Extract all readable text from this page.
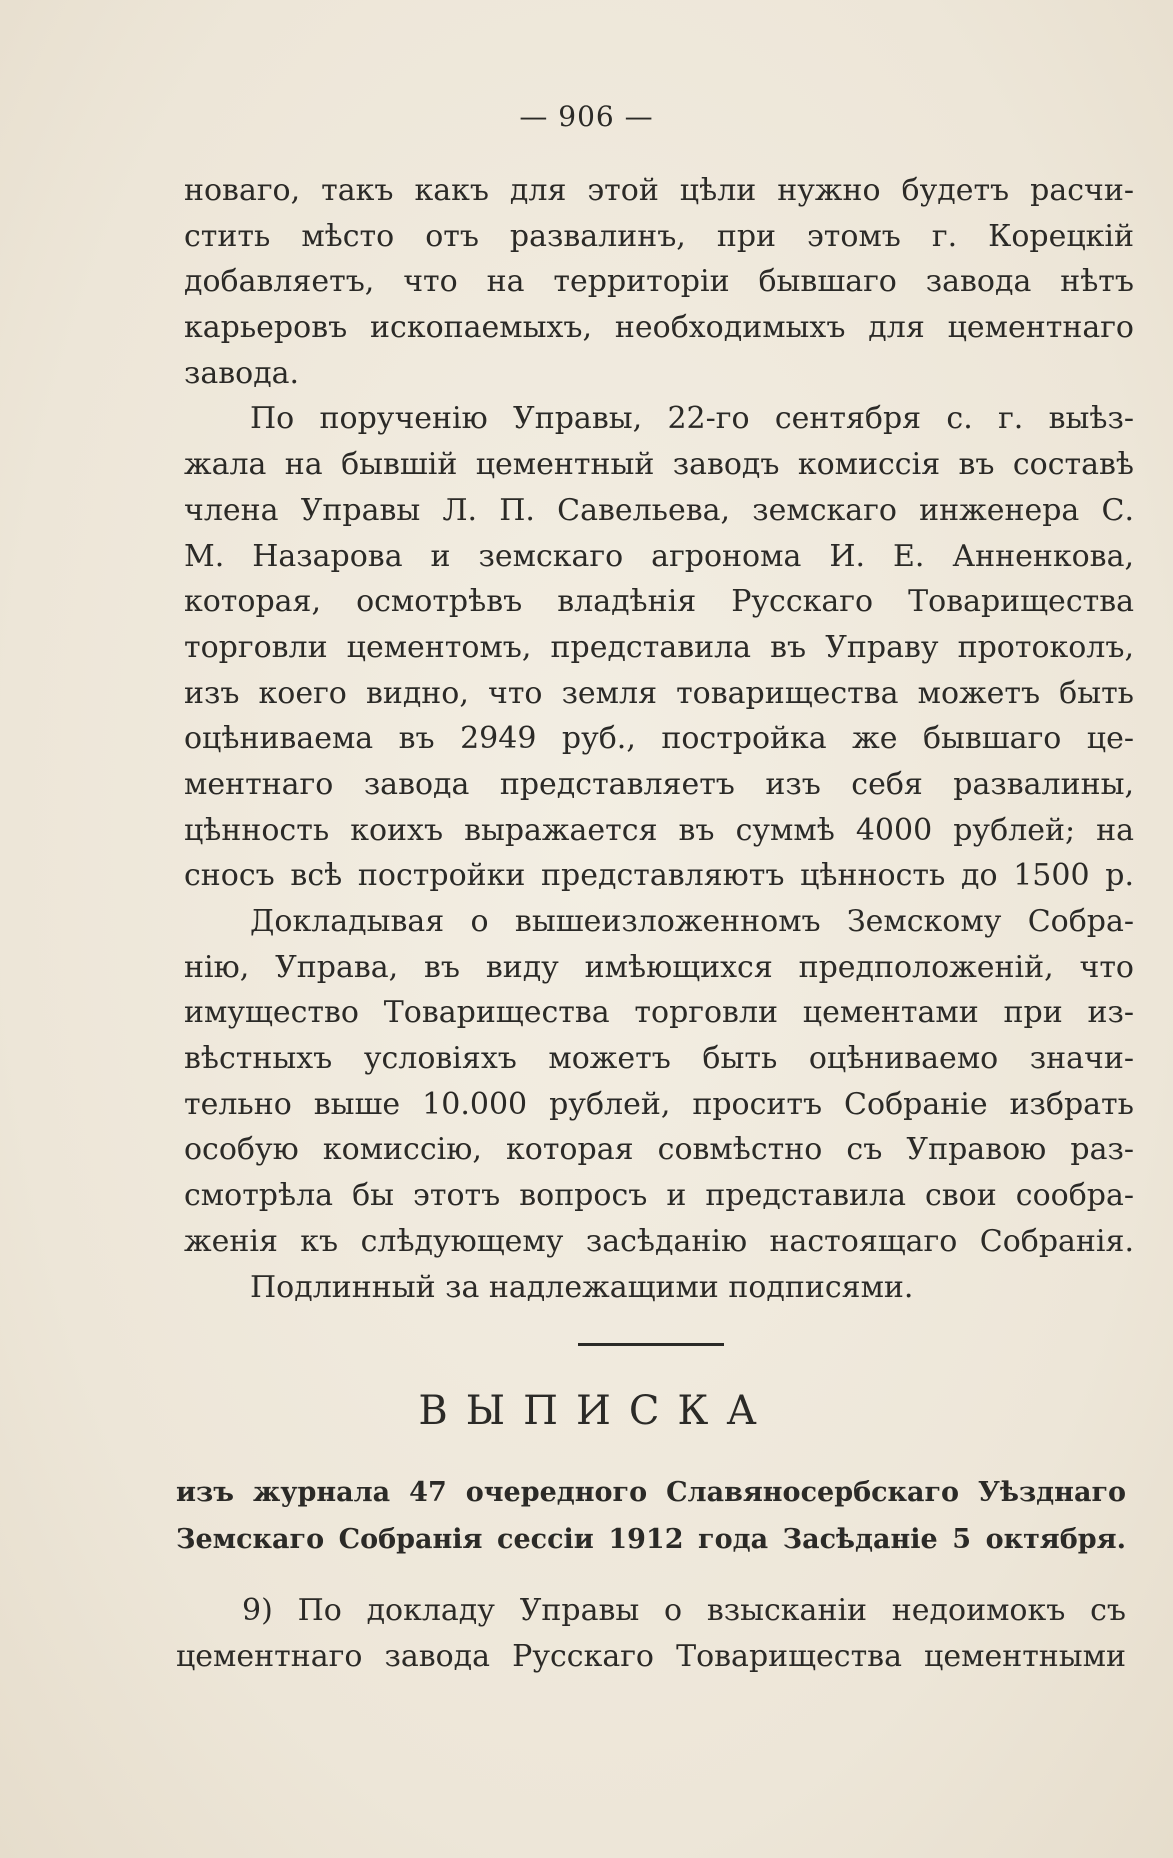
— 906 —
новаго, такъ какъ для этой цѣли нужно будетъ расчи-
стить мѣсто отъ развалинъ, при этомъ г. Корецкій
добавляетъ, что на территоріи бывшаго завода нѣтъ
карьеровъ ископаемыхъ, необходимыхъ для цементнаго
завода.
По порученію Управы, 22-го сентября с. г. выѣз-
жала на бывшій цементный заводъ комиссія въ составѣ
члена Управы Л. П. Савельева, земскаго инженера С.
М. Назарова и земскаго агронома И. Е. Анненкова,
которая, осмотрѣвъ владѣнія Русскаго Товарищества
торговли цементомъ, представила въ Управу протоколъ,
изъ коего видно, что земля товарищества можетъ быть
оцѣниваема въ 2949 руб., постройка же бывшаго це-
ментнаго завода представляетъ изъ себя развалины,
цѣнность коихъ выражается въ суммѣ 4000 рублей; на
сносъ всѣ постройки представляютъ цѣнность до 1500 р.
Докладывая о вышеизложенномъ Земскому Собра-
нію, Управа, въ виду имѣющихся предположеній, что
имущество Товарищества торговли цементами при из-
вѣстныхъ условіяхъ можетъ быть оцѣниваемо значи-
тельно выше 10.000 рублей, проситъ Собраніе избрать
особую комиссію, которая совмѣстно съ Управою раз-
смотрѣла бы этотъ вопросъ и представила свои сообра-
женія къ слѣдующему засѣданію настоящаго Собранія.
Подлинный за надлежащими подписями.
ВЫПИСКА
изъ журнала 47 очередного Славяносербскаго Уѣзднаго
Земскаго Собранія сессіи 1912 года Засѣданіе 5 октября.
9) По докладу Управы о взысканіи недоимокъ съ
цементнаго завода Русскаго Товарищества цементными
